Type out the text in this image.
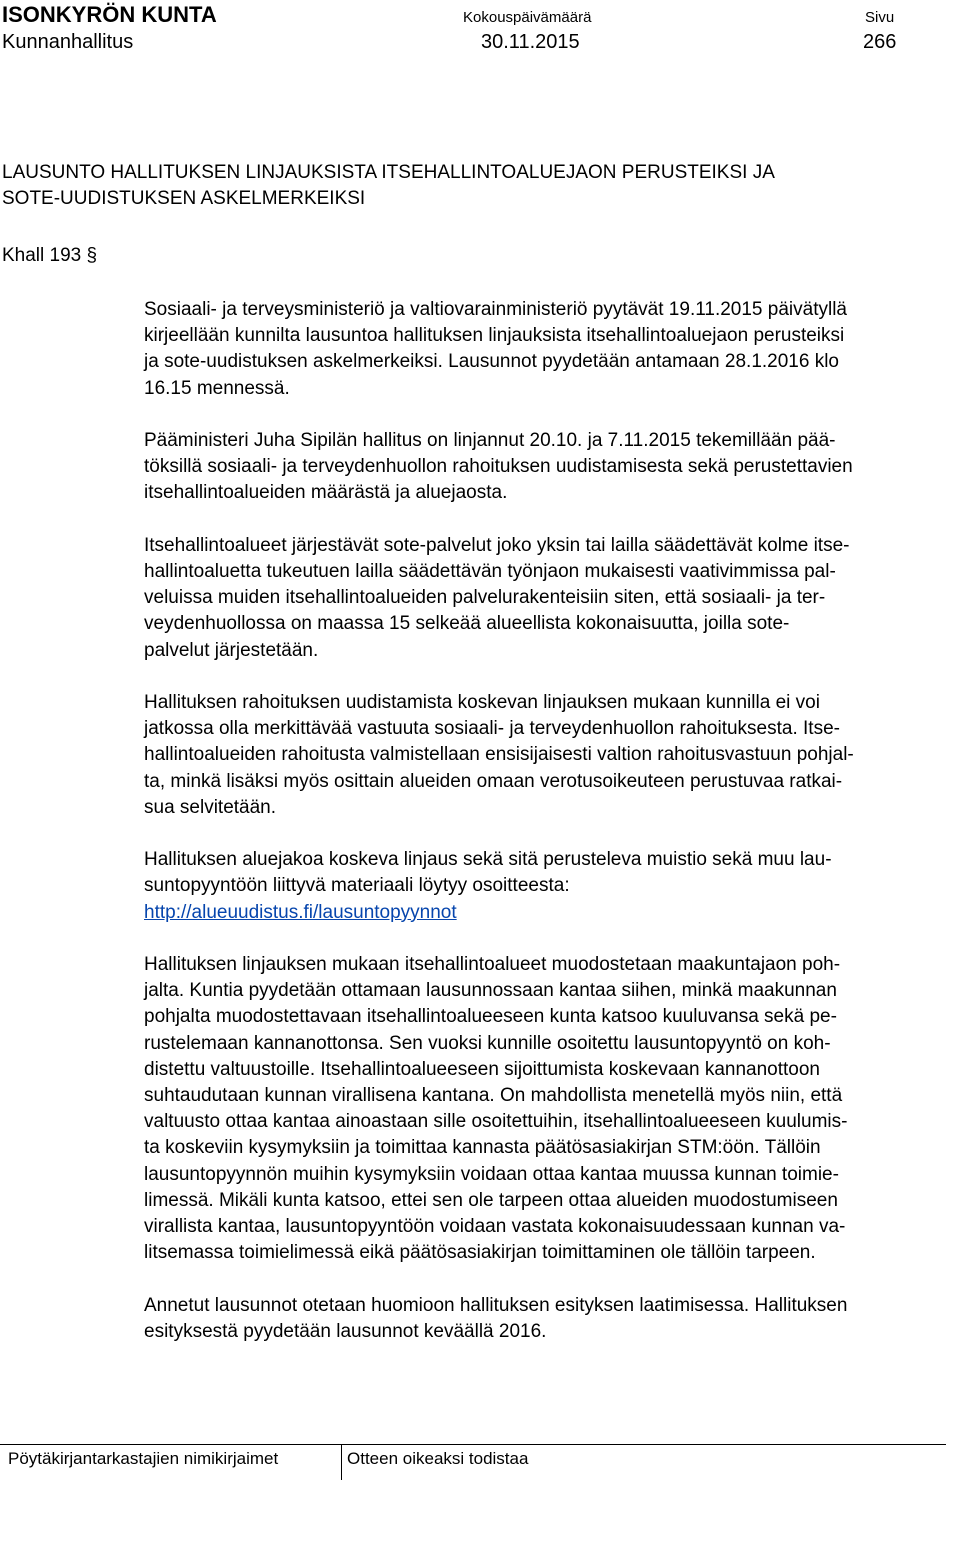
ISONKYRÖN KUNTA
Kunnanhallitus
Kokouspäivämäärä
30.11.2015
Sivu
266
LAUSUNTO HALLITUKSEN LINJAUKSISTA ITSEHALLINTOALUEJAON PERUSTEIKSI JA
SOTE-UUDISTUKSEN ASKELMERKEIKSI
Khall 193 §
Sosiaali- ja terveysministeriö ja valtiovarainministeriö pyytävät 19.11.2015 päivätyllä
kirjeellään kunnilta lausuntoa hallituksen linjauksista itsehallintoaluejaon perusteiksi
ja sote-uudistuksen askelmerkeiksi. Lausunnot pyydetään antamaan 28.1.2016 klo
16.15 mennessä.
Pääministeri Juha Sipilän hallitus on linjannut 20.10. ja 7.11.2015 tekemillään pää-
töksillä sosiaali- ja terveydenhuollon rahoituksen uudistamisesta sekä perustettavien
itsehallintoalueiden määrästä ja aluejaosta.
Itsehallintoalueet järjestävät sote-palvelut joko yksin tai lailla säädettävät kolme itse-
hallintoaluetta tukeutuen lailla säädettävän työnjaon mukaisesti vaativimmissa pal-
veluissa muiden itsehallintoalueiden palvelurakenteisiin siten, että sosiaali- ja ter-
veydenhuollossa on maassa 15 selkeää alueellista kokonaisuutta, joilla sote-
palvelut järjestetään.
Hallituksen rahoituksen uudistamista koskevan linjauksen mukaan kunnilla ei voi
jatkossa olla merkittävää vastuuta sosiaali- ja terveydenhuollon rahoituksesta. Itse-
hallintoalueiden rahoitusta valmistellaan ensisijaisesti valtion rahoitusvastuun pohjal-
ta, minkä lisäksi myös osittain alueiden omaan verotusoikeuteen perustuvaa ratkai-
sua selvitetään.
Hallituksen aluejakoa koskeva linjaus sekä sitä perusteleva muistio sekä muu lau-
suntopyyntöön liittyvä materiaali löytyy osoitteesta:
http://alueuudistus.fi/lausuntopyynnot
Hallituksen linjauksen mukaan itsehallintoalueet muodostetaan maakuntajaon poh-
jalta. Kuntia pyydetään ottamaan lausunnossaan kantaa siihen, minkä maakunnan
pohjalta muodostettavaan itsehallintoalueeseen kunta katsoo kuuluvansa sekä pe-
rustelemaan kannanottonsa. Sen vuoksi kunnille osoitettu lausuntopyyntö on koh-
distettu valtuustoille. Itsehallintoalueeseen sijoittumista koskevaan kannanottoon
suhtaudutaan kunnan virallisena kantana. On mahdollista menetellä myös niin, että
valtuusto ottaa kantaa ainoastaan sille osoitettuihin, itsehallintoalueeseen kuulumis-
ta koskeviin kysymyksiin ja toimittaa kannasta päätösasiakirjan STM:öön. Tällöin
lausuntopyynnön muihin kysymyksiin voidaan ottaa kantaa muussa kunnan toimie-
limessä. Mikäli kunta katsoo, ettei sen ole tarpeen ottaa alueiden muodostumiseen
virallista kantaa, lausuntopyyntöön voidaan vastata kokonaisuudessaan kunnan va-
litsemassa toimielimessä eikä päätösasiakirjan toimittaminen ole tällöin tarpeen.
Annetut lausunnot otetaan huomioon hallituksen esityksen laatimisessa. Hallituksen
esityksestä pyydetään lausunnot keväällä 2016.
Pöytäkirjantarkastajien nimikirjaimet	Otteen oikeaksi todistaa
